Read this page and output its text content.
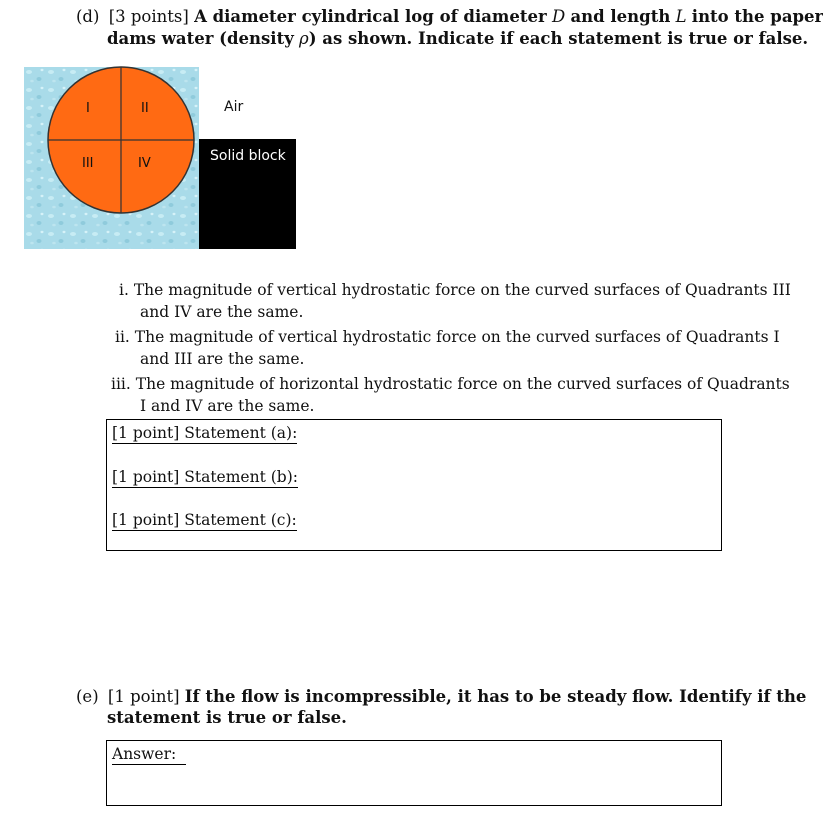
(d) [3 points] A diameter cylindrical log of diameter D and length L into the paper
dams water (density ρ) as shown. Indicate if each statement is true or false.
I	II
III	IV
Air
Solid block
i. The magnitude of vertical hydrostatic force on the curved surfaces of Quadrants III
and IV are the same.
ii. The magnitude of vertical hydrostatic force on the curved surfaces of Quadrants I
and III are the same.
iii. The magnitude of horizontal hydrostatic force on the curved surfaces of Quadrants
I and IV are the same.
[1 point] Statement (a):
[1 point] Statement (b):
[1 point] Statement (c):
(e) [1 point] If the flow is incompressible, it has to be steady flow. Identify if the
statement is true or false.
Answer:
